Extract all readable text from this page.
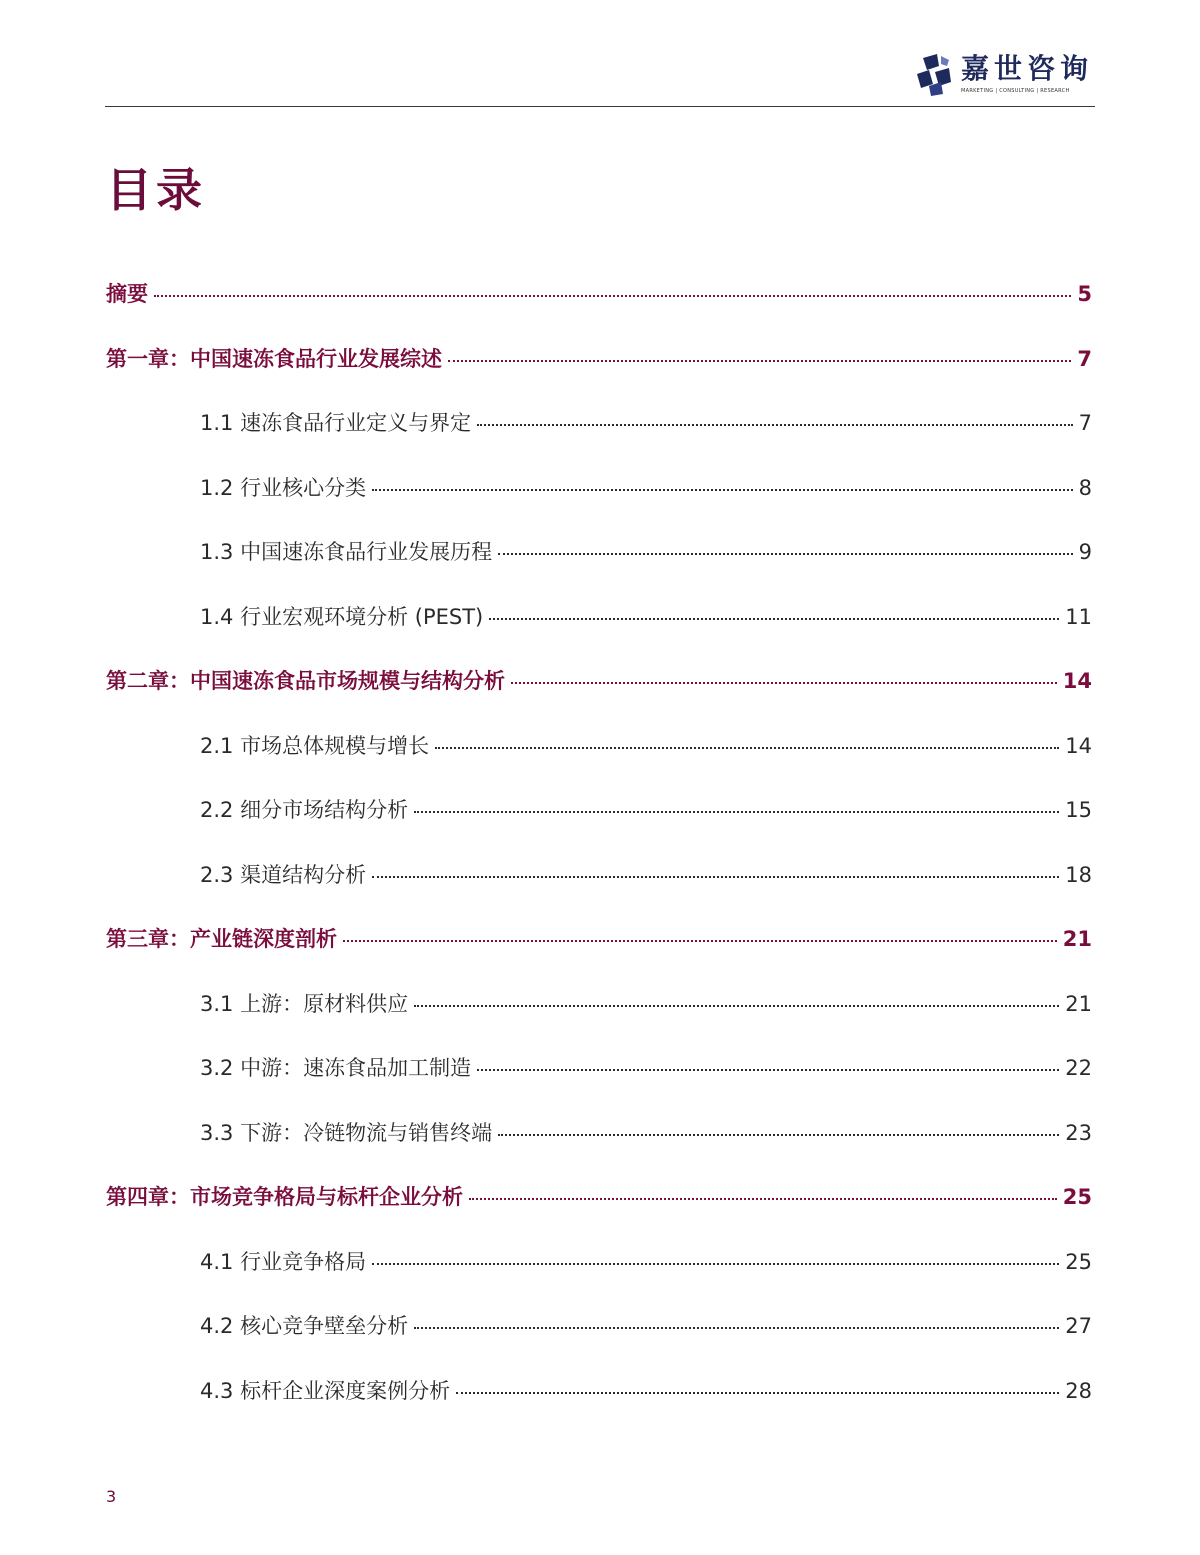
嘉世咨询
MARKETING | CONSULTING | RESEARCH
目录
摘要	5
第一章：中国速冻食品行业发展综述	7
1.1 速冻食品行业定义与界定	7
1.2 行业核心分类	8
1.3 中国速冻食品行业发展历程	9
1.4 行业宏观环境分析 (PEST)	11
第二章：中国速冻食品市场规模与结构分析	14
2.1 市场总体规模与增长	14
2.2 细分市场结构分析	15
2.3 渠道结构分析	18
第三章：产业链深度剖析	21
3.1 上游：原材料供应	21
3.2 中游：速冻食品加工制造	22
3.3 下游：冷链物流与销售终端	23
第四章：市场竞争格局与标杆企业分析	25
4.1 行业竞争格局	25
4.2 核心竞争壁垒分析	27
4.3 标杆企业深度案例分析	28
3
